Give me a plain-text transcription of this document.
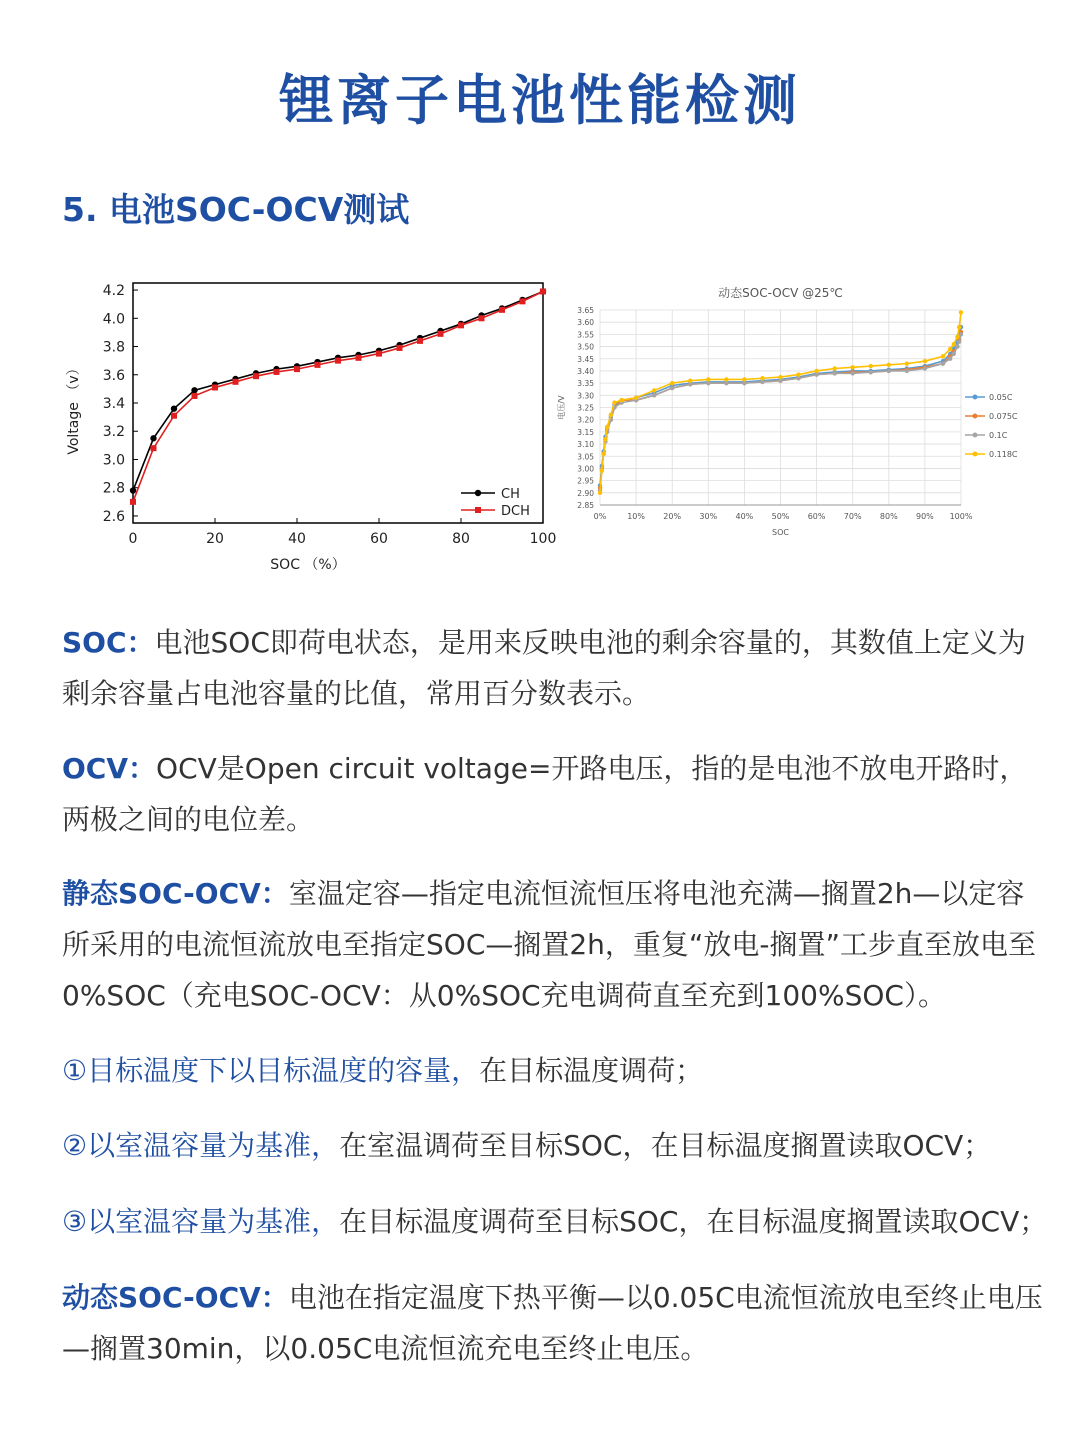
锂离子电池性能检测
5. 电池SOC-OCV测试
0	20	40	60	80	100
2.6
2.8
3.0
3.2
3.4
3.6
3.8
4.0
4.2
SOC （%）
Voltage （v）
CH
DCH
动态SOC-OCV @25℃
2.85
2.90
2.95
3.00
3.05
3.10
3.15
3.20
3.25
3.30
3.35
3.40
3.45
3.50
3.55
3.60
3.65
0%	10% 20% 30% 40% 50% 60% 70% 80% 90% 100%
SOC
电压/V	0.05C
0.075C
0.1C
0.118C
SOC：电池SOC即荷电状态，是用来反映电池的剩余容量的，其数值上定义为剩余容量占电池容量的比值，常用百分数表示。
OCV：OCV是Open circuit voltage=开路电压，指的是电池不放电开路时，两极之间的电位差。
静态SOC-OCV：室温定容—指定电流恒流恒压将电池充满—搁置2h—以定容所采用的电流恒流放电至指定SOC—搁置2h，重复“放电-搁置”工步直至放电至0%SOC（充电SOC-OCV：从0%SOC充电调荷直至充到100%SOC）。
①目标温度下以目标温度的容量，在目标温度调荷；
②以室温容量为基准，在室温调荷至目标SOC，在目标温度搁置读取OCV；
③以室温容量为基准，在目标温度调荷至目标SOC，在目标温度搁置读取OCV；
动态SOC-OCV：电池在指定温度下热平衡—以0.05C电流恒流放电至终止电压—搁置30min，以0.05C电流恒流充电至终止电压。
